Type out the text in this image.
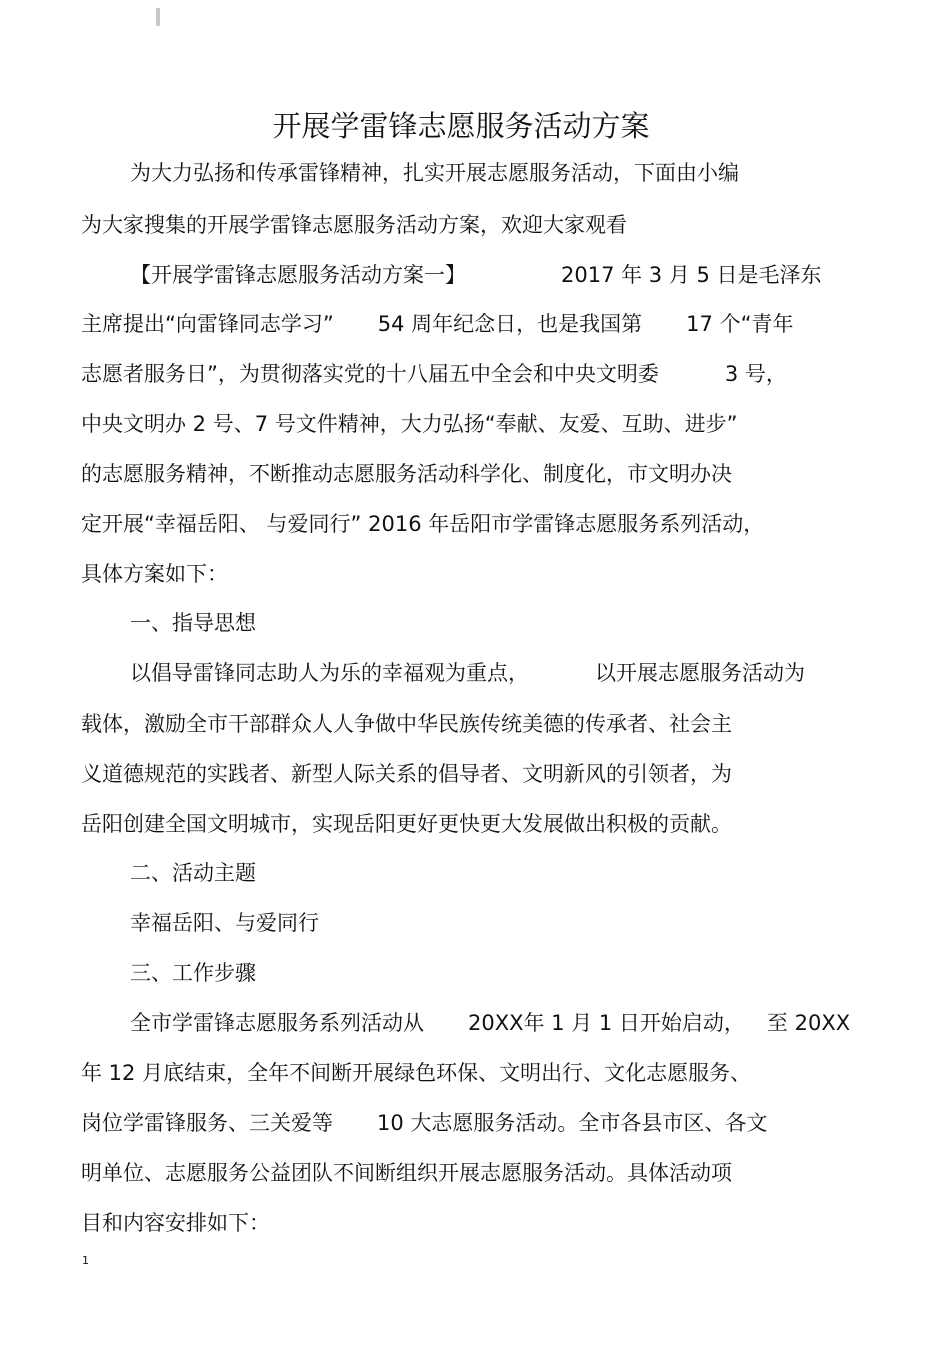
开展学雷锋志愿服务活动方案
为大力弘扬和传承雷锋精神，扎实开展志愿服务活动，下面由小编
为大家搜集的开展学雷锋志愿服务活动方案，欢迎大家观看
【开展学雷锋志愿服务活动方案一】	2017 年 3 月 5 日是毛泽东
主席提出“向雷锋同志学习” 54 周年纪念日，也是我国第 17 个“青年
志愿者服务日”，为贯彻落实党的十八届五中全会和中央文明委	3 号，
中央文明办 2 号、7 号文件精神，大力弘扬“奉献、友爱、互助、进步”
的志愿服务精神，不断推动志愿服务活动科学化、制度化，市文明办决
定开展“幸福岳阳、 与爱同行” 2016 年岳阳市学雷锋志愿服务系列活动，
具体方案如下：
一、指导思想
以倡导雷锋同志助人为乐的幸福观为重点，	以开展志愿服务活动为
载体，激励全市干部群众人人争做中华民族传统美德的传承者、社会主
义道德规范的实践者、新型人际关系的倡导者、文明新风的引领者，为
岳阳创建全国文明城市，实现岳阳更好更快更大发展做出积极的贡献。
二、活动主题
幸福岳阳、与爱同行
三、工作步骤
全市学雷锋志愿服务系列活动从 20XX年 1 月 1 日开始启动， 至 20XX
年 12 月底结束，全年不间断开展绿色环保、文明出行、文化志愿服务、
岗位学雷锋服务、三关爱等 10 大志愿服务活动。全市各县市区、各文
明单位、志愿服务公益团队不间断组织开展志愿服务活动。具体活动项
目和内容安排如下：
1
